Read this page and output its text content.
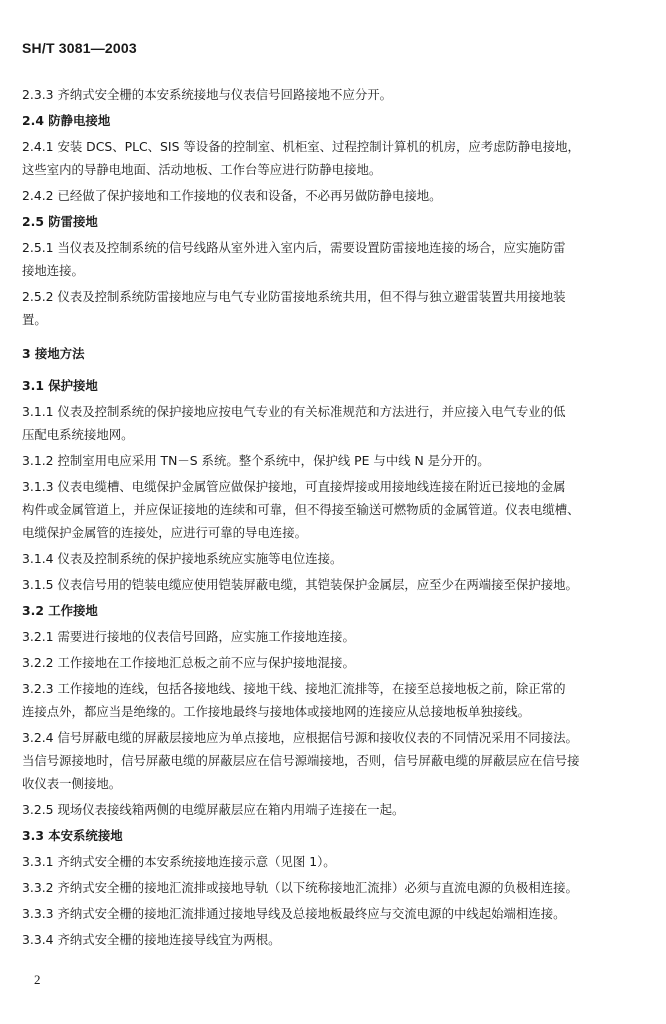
SH/T 3081—2003
2.3.3 齐纳式安全栅的本安系统接地与仪表信号回路接地不应分开。
2.4 防静电接地
2.4.1 安装 DCS、PLC、SIS 等设备的控制室、机柜室、过程控制计算机的机房，应考虑防静电接地，
这些室内的导静电地面、活动地板、工作台等应进行防静电接地。
2.4.2 已经做了保护接地和工作接地的仪表和设备，不必再另做防静电接地。
2.5 防雷接地
2.5.1 当仪表及控制系统的信号线路从室外进入室内后，需要设置防雷接地连接的场合，应实施防雷
接地连接。
2.5.2 仪表及控制系统防雷接地应与电气专业防雷接地系统共用，但不得与独立避雷装置共用接地装
置。
3 接地方法
3.1 保护接地
3.1.1 仪表及控制系统的保护接地应按电气专业的有关标准规范和方法进行，并应接入电气专业的低
压配电系统接地网。
3.1.2 控制室用电应采用 TN－S 系统。整个系统中，保护线 PE 与中线 N 是分开的。
3.1.3 仪表电缆槽、电缆保护金属管应做保护接地，可直接焊接或用接地线连接在附近已接地的金属
构件或金属管道上，并应保证接地的连续和可靠，但不得接至输送可燃物质的金属管道。仪表电缆槽、
电缆保护金属管的连接处，应进行可靠的导电连接。
3.1.4 仪表及控制系统的保护接地系统应实施等电位连接。
3.1.5 仪表信号用的铠装电缆应使用铠装屏蔽电缆，其铠装保护金属层，应至少在两端接至保护接地。
3.2 工作接地
3.2.1 需要进行接地的仪表信号回路，应实施工作接地连接。
3.2.2 工作接地在工作接地汇总板之前不应与保护接地混接。
3.2.3 工作接地的连线，包括各接地线、接地干线、接地汇流排等，在接至总接地板之前，除正常的
连接点外，都应当是绝缘的。工作接地最终与接地体或接地网的连接应从总接地板单独接线。
3.2.4 信号屏蔽电缆的屏蔽层接地应为单点接地，应根据信号源和接收仪表的不同情况采用不同接法。
当信号源接地时，信号屏蔽电缆的屏蔽层应在信号源端接地，否则，信号屏蔽电缆的屏蔽层应在信号接
收仪表一侧接地。
3.2.5 现场仪表接线箱两侧的电缆屏蔽层应在箱内用端子连接在一起。
3.3 本安系统接地
3.3.1 齐纳式安全栅的本安系统接地连接示意（见图 1）。
3.3.2 齐纳式安全栅的接地汇流排或接地导轨（以下统称接地汇流排）必须与直流电源的负极相连接。
3.3.3 齐纳式安全栅的接地汇流排通过接地导线及总接地板最终应与交流电源的中线起始端相连接。
3.3.4 齐纳式安全栅的接地连接导线宜为两根。
2
